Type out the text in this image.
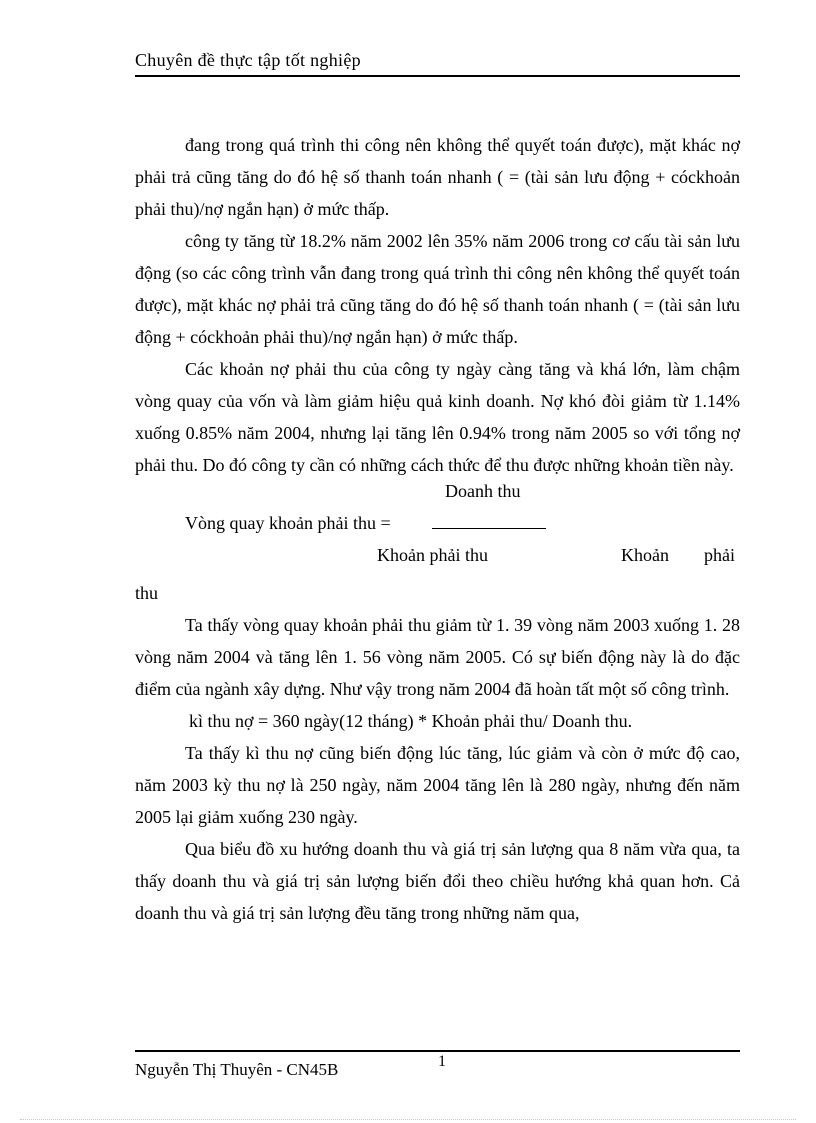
Chuyên đề thực tập tốt nghiệp

đang trong quá trình thi công nên không thể quyết toán được), mặt khác nợ phải trả cũng tăng do đó hệ số thanh toán nhanh ( = (tài sản lưu động + cóckhoản phải thu)/nợ ngắn hạn) ở mức thấp.

công ty tăng từ 18.2% năm 2002 lên 35% năm 2006 trong cơ cấu tài sản lưu động (so các công trình vẫn đang trong quá trình thi công nên không thể quyết toán được), mặt khác nợ phải trả cũng tăng do đó hệ số thanh toán nhanh ( = (tài sản lưu động + cóckhoản phải thu)/nợ ngắn hạn) ở mức thấp.

Các khoản nợ phải thu của công ty ngày càng tăng và khá lớn, làm chậm vòng quay của vốn và làm giảm hiệu quả kinh doanh. Nợ khó đòi giảm từ 1.14% xuống 0.85% năm 2004, nhưng lại tăng lên 0.94% trong năm 2005 so với tổng nợ phải thu. Do đó công ty cần có những cách thức để thu được những khoản tiền này.

Doanh thu
Vòng quay khoản phải thu =
Khoản phải thu	Khoản phải

thu

Ta thấy vòng quay khoản phải thu giảm từ 1. 39 vòng năm 2003 xuống 1. 28 vòng năm 2004 và tăng lên 1. 56 vòng năm 2005. Có sự biến động này là do đặc điểm của ngành xây dựng. Như vậy trong năm 2004 đã hoàn tất một số công trình.

kì thu nợ = 360 ngày(12 tháng) * Khoản phải thu/ Doanh thu.

Ta thấy kì thu nợ cũng biến động lúc tăng, lúc giảm và còn ở mức độ cao, năm 2003 kỳ thu nợ là 250 ngày, năm 2004 tăng lên là 280 ngày, nhưng đến năm 2005 lại giảm xuống 230 ngày.

Qua biểu đồ xu hướng doanh thu và giá trị sản lượng qua 8 năm vừa qua, ta thấy doanh thu và giá trị sản lượng biến đổi theo chiều hướng khả quan hơn. Cả doanh thu và giá trị sản lượng đều tăng trong những năm qua,

Nguyễn Thị Thuyên - CN45B	1
